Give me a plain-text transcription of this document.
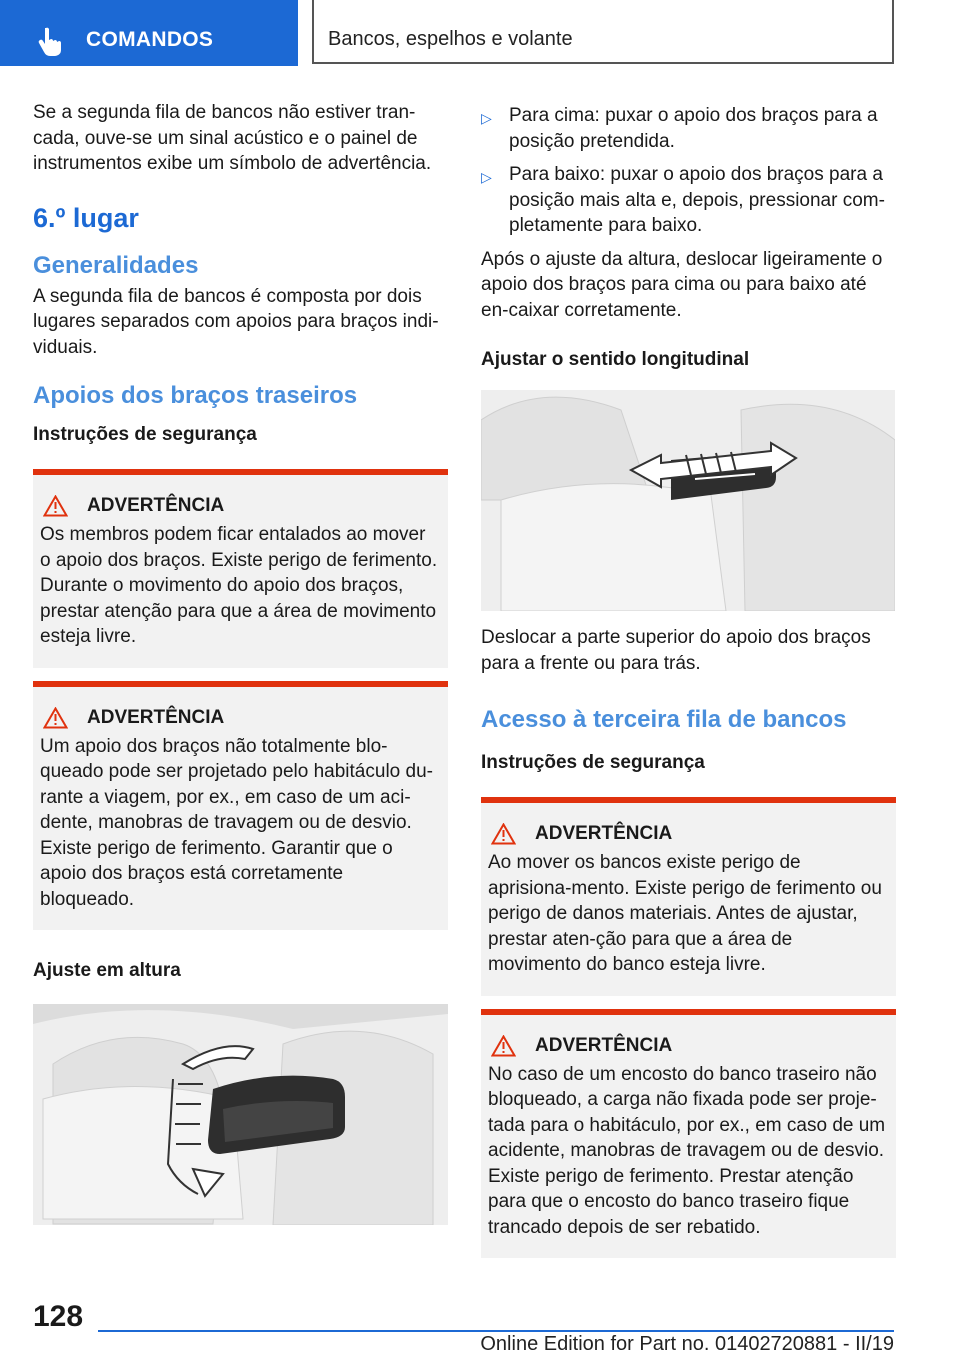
COMANDOS	Bancos, espelhos e volante

Se a segunda fila de bancos não estiver tran-cada, ouve-se um sinal acústico e o painel de instrumentos exibe um símbolo de advertência.

6.º lugar
Generalidades

A segunda fila de bancos é composta por dois lugares separados com apoios para braços indi-viduais.

Apoios dos braços traseiros
Instruções de segurança
ADVERTÊNCIA

Os membros podem ficar entalados ao mover o apoio dos braços. Existe perigo de ferimento. Durante o movimento do apoio dos braços, prestar atenção para que a área de movimento esteja livre.

ADVERTÊNCIA

Um apoio dos braços não totalmente blo-queado pode ser projetado pelo habitáculo du-rante a viagem, por ex., em caso de um aci-dente, manobras de travagem ou de desvio. Existe perigo de ferimento. Garantir que o apoio dos braços está corretamente bloqueado.

Ajuste em altura
▷ Para cima: puxar o apoio dos braços para a posição pretendida.
▷ Para baixo: puxar o apoio dos braços para a posição mais alta e, depois, pressionar com-pletamente para baixo.

Após o ajuste da altura, deslocar ligeiramente o apoio dos braços para cima ou para baixo até en-caixar corretamente.

Ajustar o sentido longitudinal

Deslocar a parte superior do apoio dos braços para a frente ou para trás.

Acesso à terceira fila de bancos
Instruções de segurança
ADVERTÊNCIA

Ao mover os bancos existe perigo de aprisiona-mento. Existe perigo de ferimento ou perigo de danos materiais. Antes de ajustar, prestar aten-ção para que a área de movimento do banco esteja livre.

ADVERTÊNCIA

No caso de um encosto do banco traseiro não bloqueado, a carga não fixada pode ser proje-tada para o habitáculo, por ex., em caso de um acidente, manobras de travagem ou de desvio. Existe perigo de ferimento. Prestar atenção para que o encosto do banco traseiro fique trancado depois de ser rebatido.

128
Online Edition for Part no. 01402720881 - II/19
